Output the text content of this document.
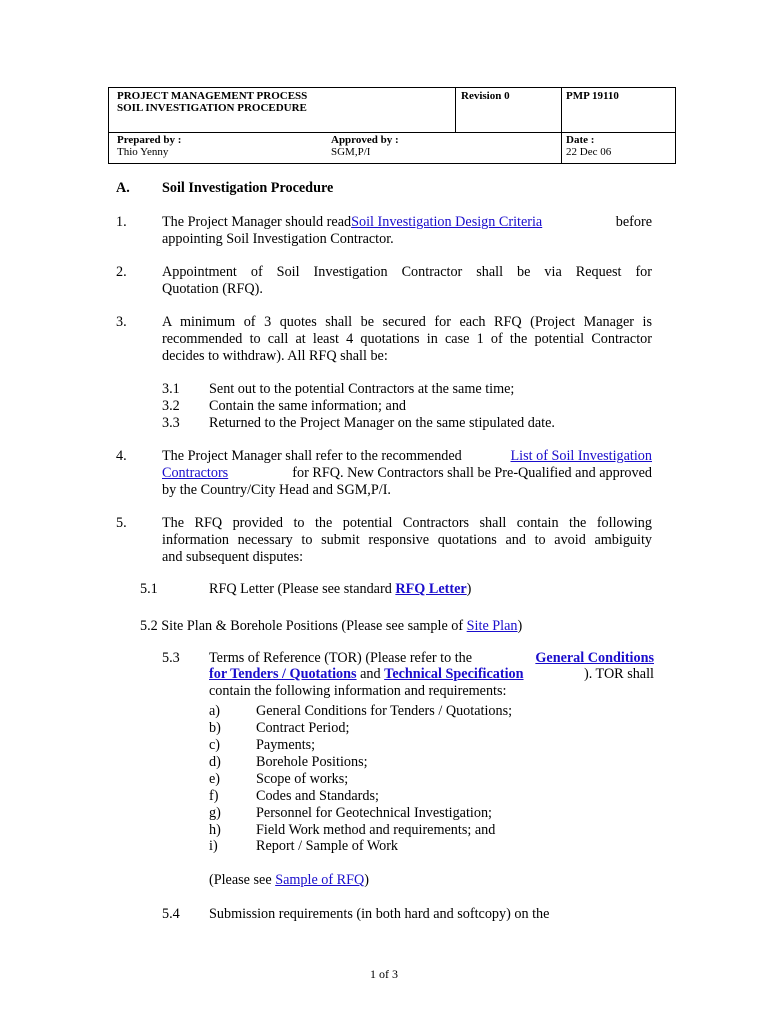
PROJECT MANAGEMENT PROCESS
SOIL INVESTIGATION PROCEDURE
Revision 0	PMP 19110
Prepared by :
Thio Yenny
Approved by :
SGM,P/I
Date :
22 Dec 06
A. Soil Investigation Procedure
1. The Project Manager should read Soil Investigation Design Criteria	before
appointing Soil Investigation Contractor.
2. Appointment of Soil Investigation Contractor shall be via Request for
Quotation (RFQ).
3. A minimum of 3 quotes shall be secured for each RFQ (Project Manager is
recommended to call at least 4 quotations in case 1 of the potential Contractor
decides to withdraw). All RFQ shall be:
3.1 Sent out to the potential Contractors at the same time;
3.2 Contain the same information; and
3.3 Returned to the Project Manager on the same stipulated date.
4. The Project Manager shall refer to the recommended	List of Soil Investigation
Contractors	for RFQ. New Contractors shall be Pre-Qualified and approved
by the Country/City Head and SGM,P/I.
5. The RFQ provided to the potential Contractors shall contain the following
information necessary to submit responsive quotations and to avoid ambiguity
and subsequent disputes:
5.1	RFQ Letter (Please see standard RFQ Letter)
5.2 Site Plan & Borehole Positions (Please see sample of Site Plan)
5.3 Terms of Reference (TOR) (Please refer to the	General Conditions
for Tenders / Quotations and Technical Specification	). TOR shall
contain the following information and requirements:
a)	General Conditions for Tenders / Quotations;
b) Contract Period;
c)	Payments;
d) Borehole Positions;
e)	Scope of works;
f)	Codes and Standards;
g) Personnel for Geotechnical Investigation;
h) Field Work method and requirements; and
i)	Report / Sample of Work
(Please see Sample of RFQ)
5.4 Submission requirements (in both hard and softcopy) on the
1 of 3
